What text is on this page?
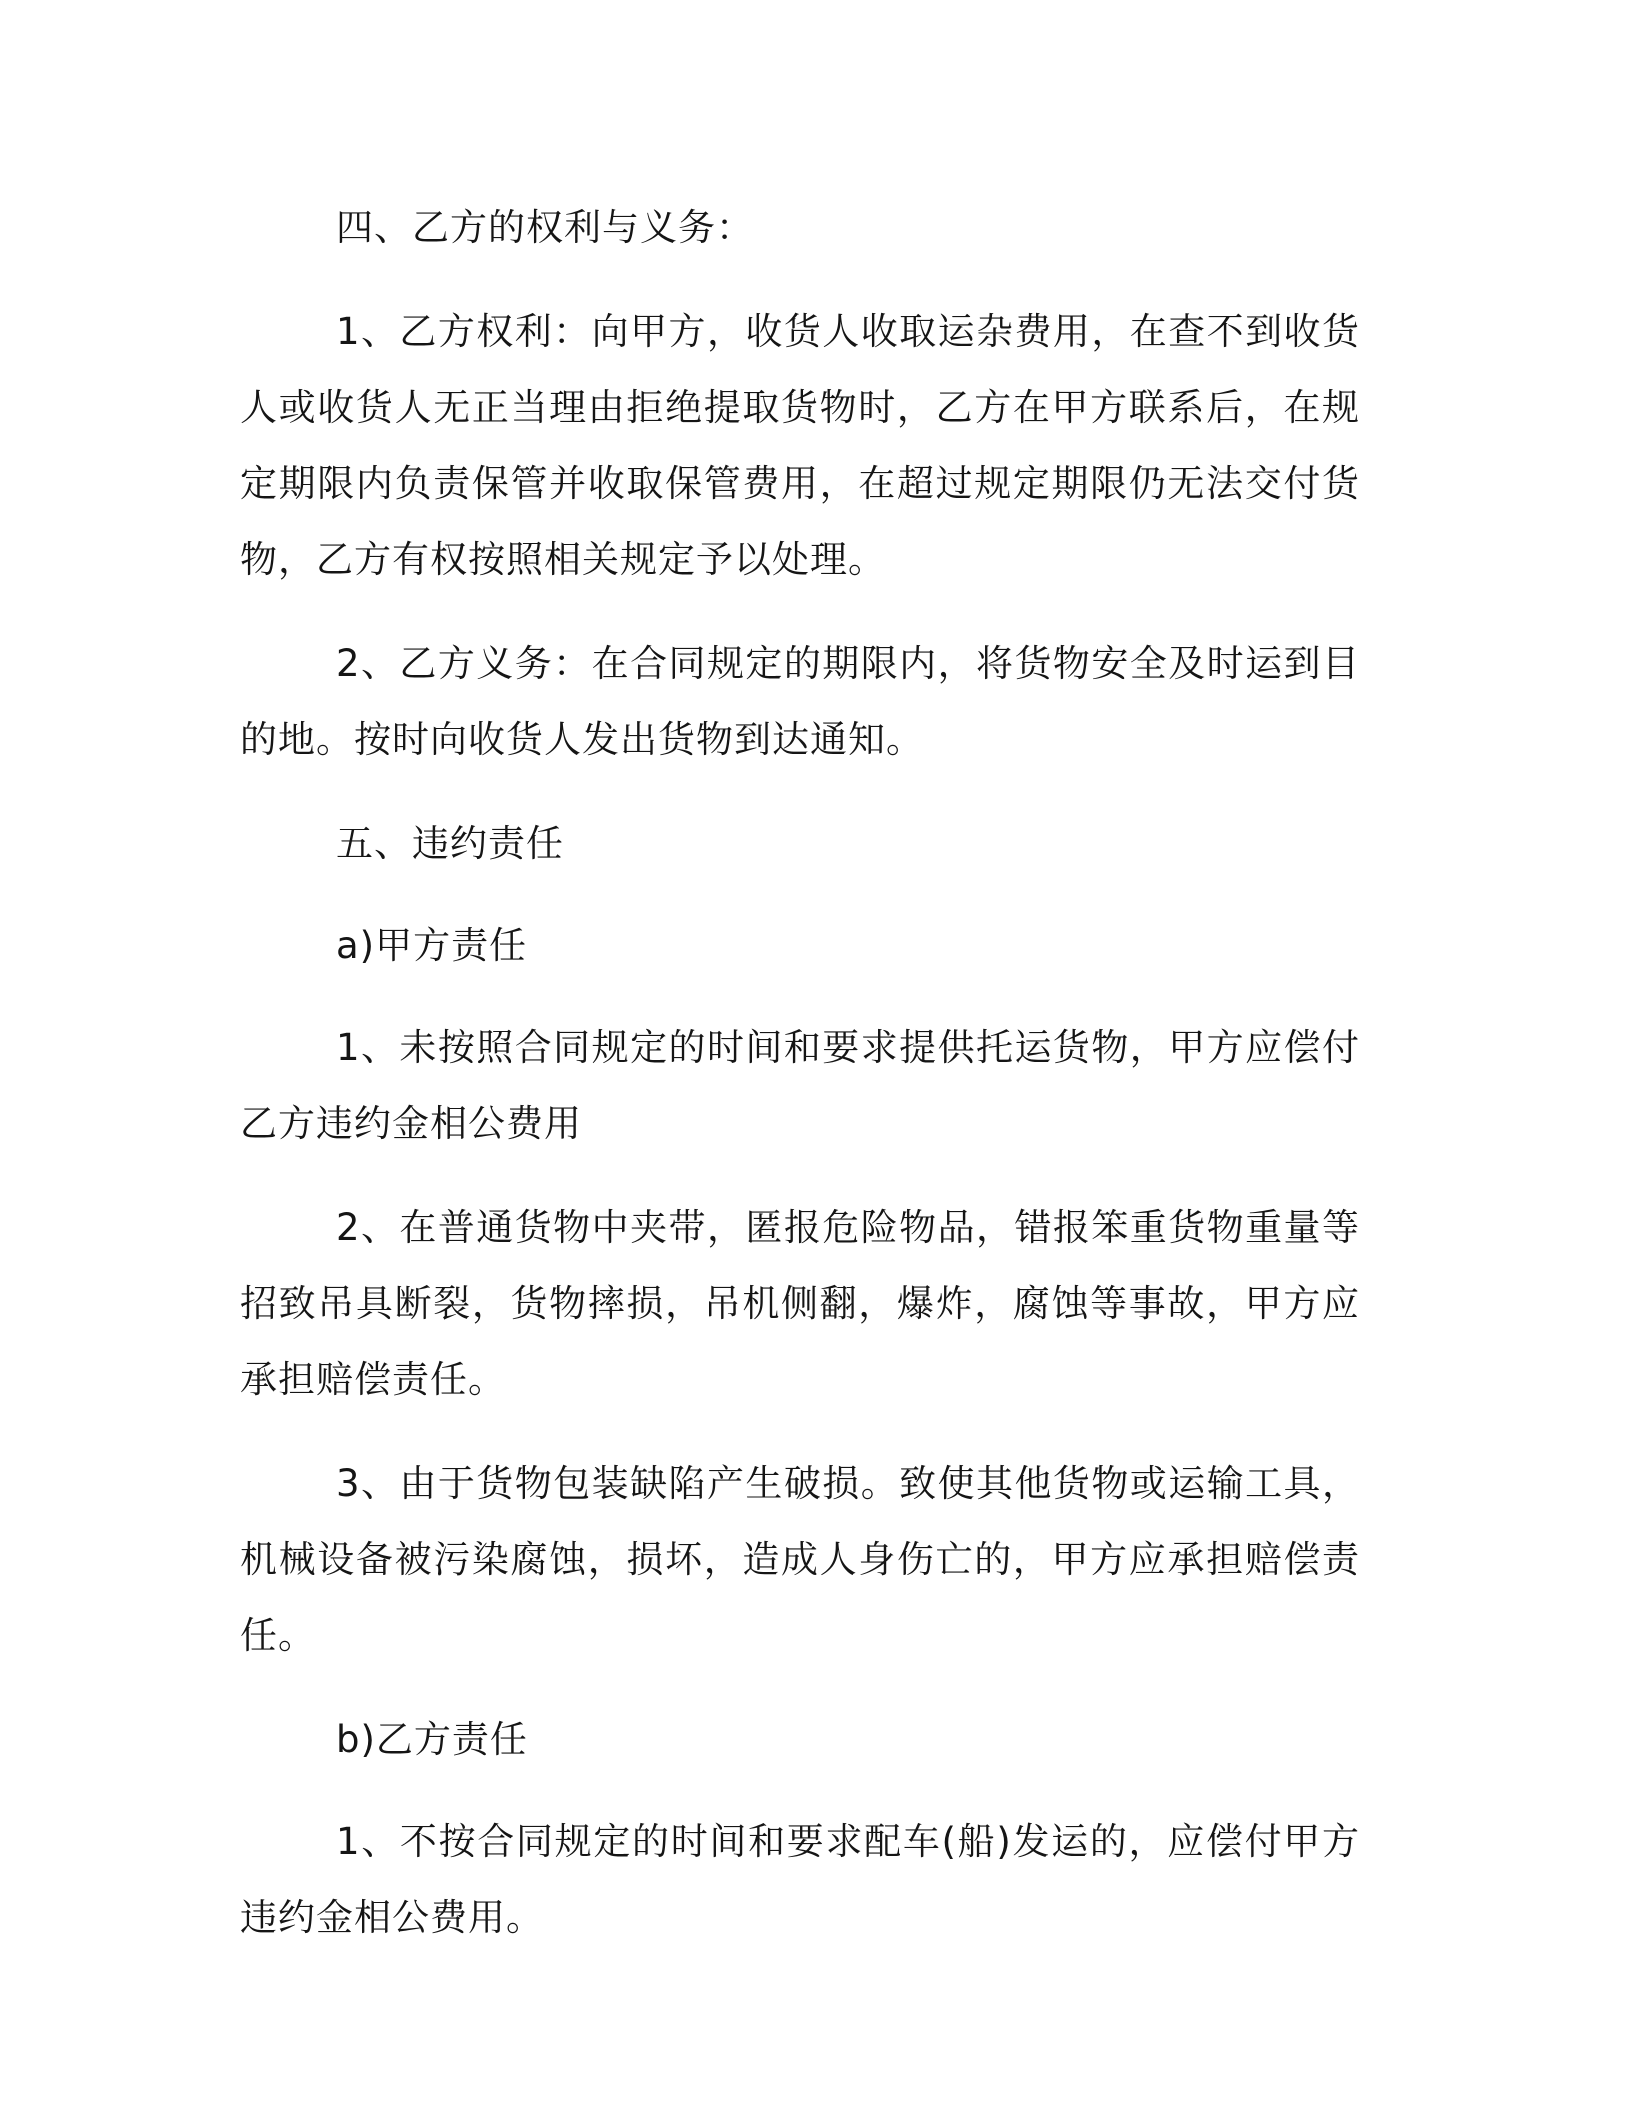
四、乙方的权利与义务：

1、乙方权利：向甲方，收货人收取运杂费用，在查不到收货人或收货人无正当理由拒绝提取货物时，乙方在甲方联系后，在规定期限内负责保管并收取保管费用，在超过规定期限仍无法交付货物，乙方有权按照相关规定予以处理。

2、乙方义务：在合同规定的期限内，将货物安全及时运到目的地。按时向收货人发出货物到达通知。

五、违约责任

a)甲方责任

1、未按照合同规定的时间和要求提供托运货物，甲方应偿付乙方违约金相公费用

2、在普通货物中夹带，匿报危险物品，错报笨重货物重量等招致吊具断裂，货物摔损，吊机侧翻，爆炸，腐蚀等事故，甲方应承担赔偿责任。

3、由于货物包装缺陷产生破损。致使其他货物或运输工具，机械设备被污染腐蚀，损坏，造成人身伤亡的，甲方应承担赔偿责任。

b)乙方责任

1、不按合同规定的时间和要求配车(船)发运的，应偿付甲方违约金相公费用。
